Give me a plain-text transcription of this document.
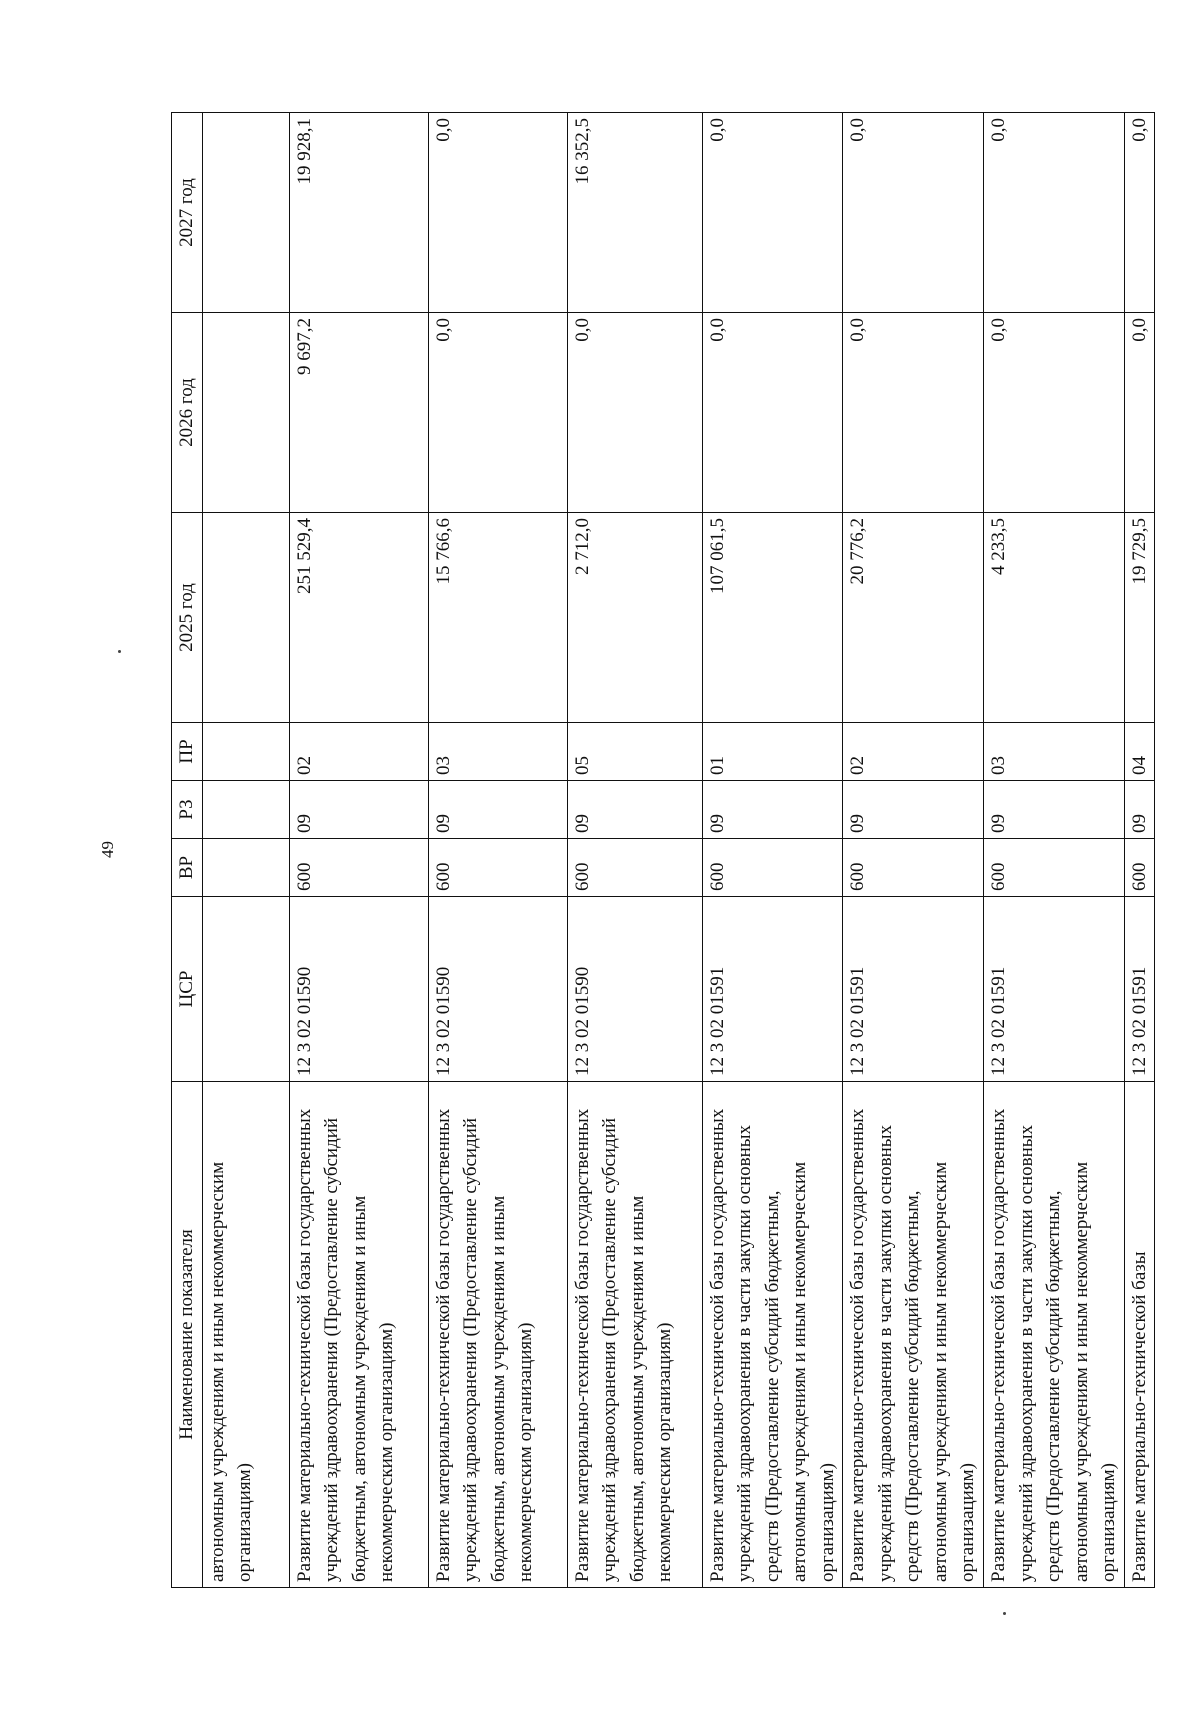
49
Наименование показателя	ЦСР	ВР	РЗ	ПР	2025 год	2026 год	2027 год
автономным учреждениям и иным некоммерческим организациям)							
Развитие материально-технической базы государственных учреждений здравоохранения (Предоставление субсидий бюджетным, автономным учреждениям и иным некоммерческим организациям)	12 3 02 01590	600	09	02	251 529,4	9 697,2	19 928,1
Развитие материально-технической базы государственных учреждений здравоохранения (Предоставление субсидий бюджетным, автономным учреждениям и иным некоммерческим организациям)	12 3 02 01590	600	09	03	15 766,6	0,0	0,0
Развитие материально-технической базы государственных учреждений здравоохранения (Предоставление субсидий бюджетным, автономным учреждениям и иным некоммерческим организациям)	12 3 02 01590	600	09	05	2 712,0	0,0	16 352,5
Развитие материально-технической базы государственных учреждений здравоохранения в части закупки основных средств (Предоставление субсидий бюджетным, автономным учреждениям и иным некоммерческим организациям)	12 3 02 01591	600	09	01	107 061,5	0,0	0,0
Развитие материально-технической базы государственных учреждений здравоохранения в части закупки основных средств (Предоставление субсидий бюджетным, автономным учреждениям и иным некоммерческим организациям)	12 3 02 01591	600	09	02	20 776,2	0,0	0,0
Развитие материально-технической базы государственных учреждений здравоохранения в части закупки основных средств (Предоставление субсидий бюджетным, автономным учреждениям и иным некоммерческим организациям)	12 3 02 01591	600	09	03	4 233,5	0,0	0,0
Развитие материально-технической базы	12 3 02 01591	600	09	04	19 729,5	0,0	0,0
